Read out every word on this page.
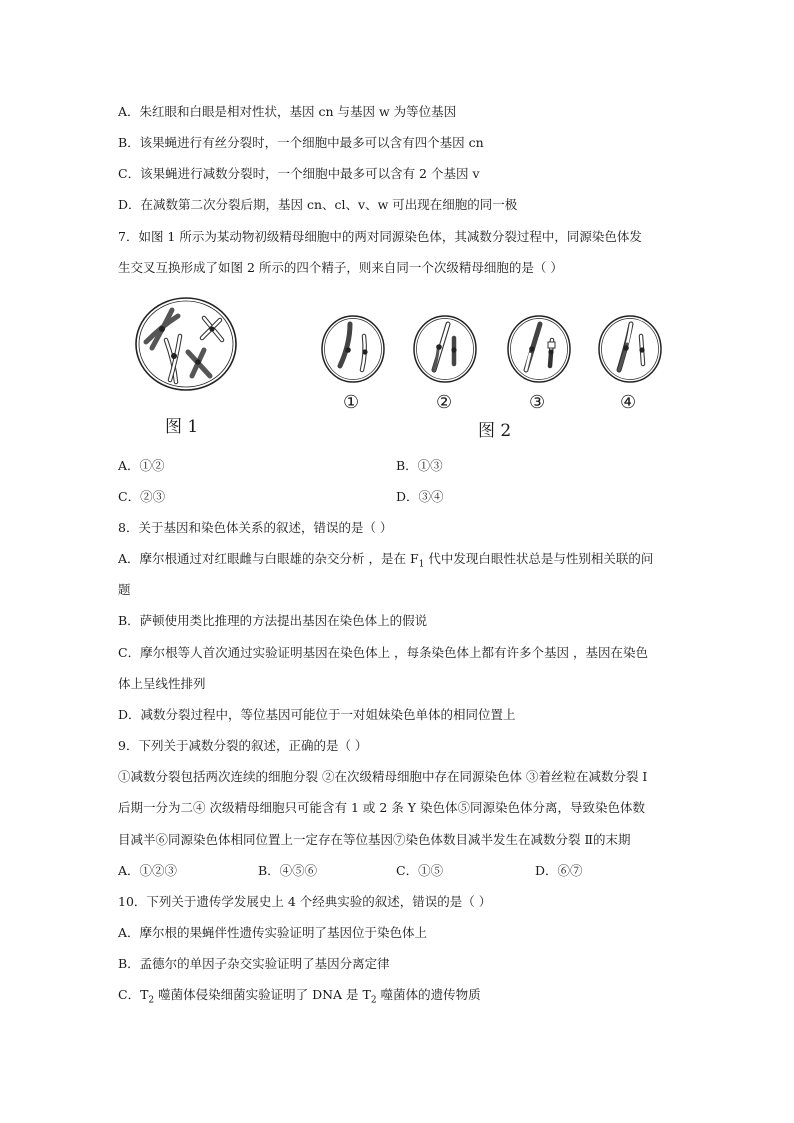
A．朱红眼和白眼是相对性状，基因 cn 与基因 w 为等位基因
B．该果蝇进行有丝分裂时，一个细胞中最多可以含有四个基因 cn
C．该果蝇进行减数分裂时，一个细胞中最多可以含有 2 个基因 v
D．在减数第二次分裂后期，基因 cn、cl、v、w 可出现在细胞的同一极
7．如图 1 所示为某动物初级精母细胞中的两对同源染色体，其减数分裂过程中，同源染色体发
生交叉互换形成了如图 2 所示的四个精子，则来自同一个次级精母细胞的是（ ）
图 1
①	②	③	④
图 2
A．①②	B．①③
C．②③	D．③④
8．关于基因和染色体关系的叙述，错误的是（ ）
A．摩尔根通过对红眼雌与白眼雄的杂交分析 ，是在 $F_1$ 代中发现白眼性状总是与性别相关联的问
题
B．萨顿使用类比推理的方法提出基因在染色体上的假说
C．摩尔根等人首次通过实验证明基因在染色体上 ，每条染色体上都有许多个基因 ，基因在染色
体上呈线性排列
D．减数分裂过程中，等位基因可能位于一对姐妹染色单体的相同位置上
9．下列关于减数分裂的叙述，正确的是（ ）
①减数分裂包括两次连续的细胞分裂 ②在次级精母细胞中存在同源染色体 ③着丝粒在减数分裂 I
后期一分为二④ 次级精母细胞只可能含有 1 或 2 条 Y 染色体⑤同源染色体分离，导致染色体数
目减半⑥同源染色体相同位置上一定存在等位基因⑦染色体数目减半发生在减数分裂 Ⅱ的末期
A．①②③	B．④⑤⑥	C．①⑤	D．⑥⑦
10．下列关于遗传学发展史上 4 个经典实验的叙述，错误的是（ ）
A．摩尔根的果蝇伴性遗传实验证明了基因位于染色体上
B．孟德尔的单因子杂交实验证明了基因分离定律
C．$T_2$ 噬菌体侵染细菌实验证明了 DNA 是 $T_2$ 噬菌体的遗传物质
